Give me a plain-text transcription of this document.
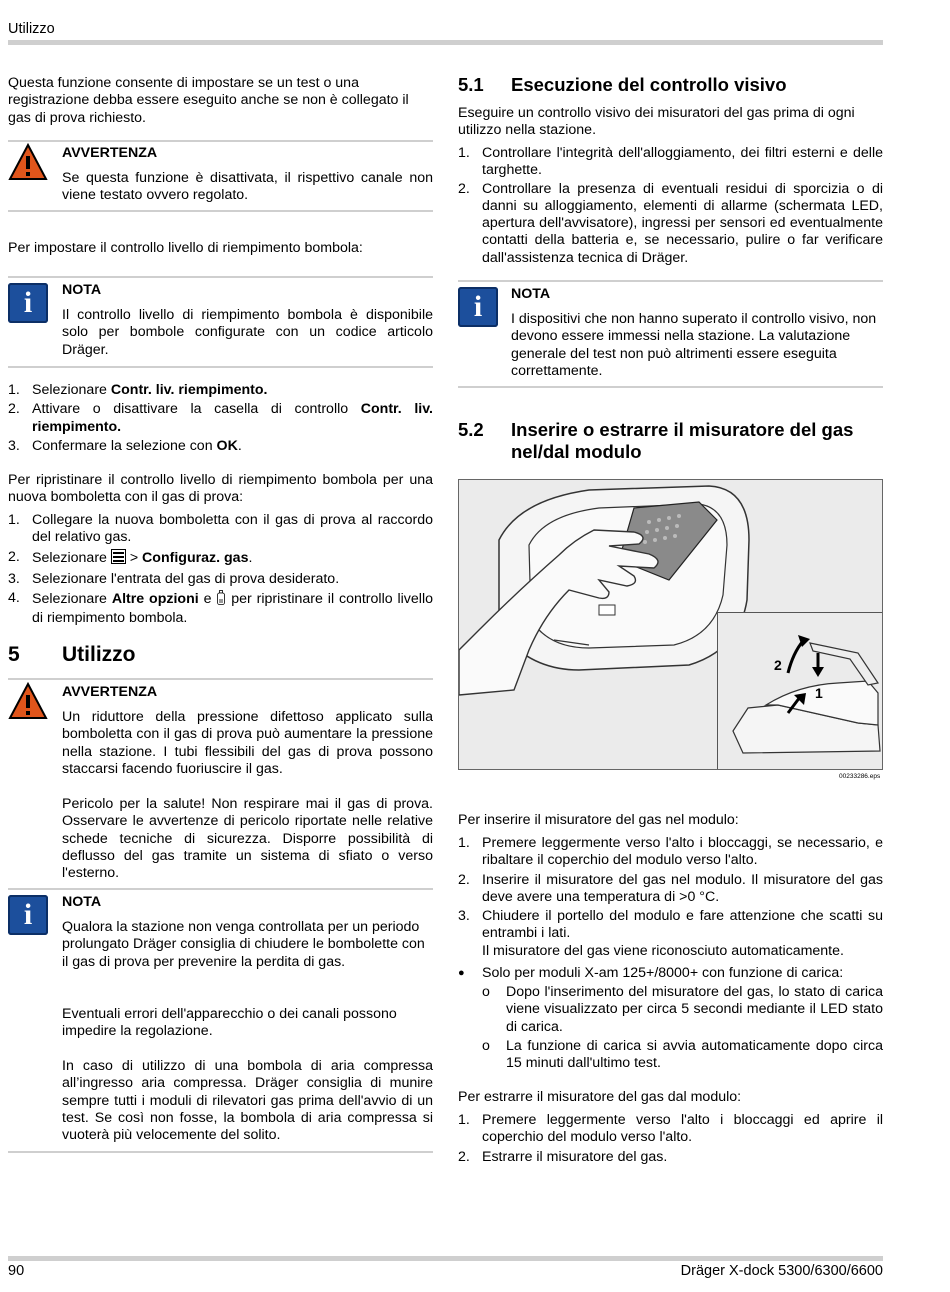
Utilizzo

Questa funzione consente di impostare se un test o una registrazione debba essere eseguito anche se non è collegato il gas di prova richiesto.

AVVERTENZA

Se questa funzione è disattivata, il rispettivo canale non viene testato ovvero regolato.

Per impostare il controllo livello di riempimento bombola:

i	NOTA

Il controllo livello di riempimento bombola è disponibile solo per bombole configurate con un codice articolo Dräger.

1. Selezionare Contr. liv. riempimento.
2. Attivare o disattivare la casella di controllo Contr. liv. riempimento.
3. Confermare la selezione con OK.

Per ripristinare il controllo livello di riempimento bombola per una nuova bomboletta con il gas di prova:

1. Collegare la nuova bomboletta con il gas di prova al raccordo del relativo gas.
2. Selezionare  > Configuraz. gas.
3. Selezionare l'entrata del gas di prova desiderato.
4. Selezionare Altre opzioni e  per ripristinare il controllo livello di riempimento bombola.
5 Utilizzo
AVVERTENZA

Un riduttore della pressione difettoso applicato sulla bomboletta con il gas di prova può aumentare la pressione nella stazione. I tubi flessibili del gas di prova possono staccarsi facendo fuoriuscire il gas.

Pericolo per la salute! Non respirare mai il gas di prova. Osservare le avvertenze di pericolo riportate nelle relative schede tecniche di sicurezza. Disporre possibilità di deflusso del gas tramite un sistema di sfiato o verso l'esterno.

i	NOTA

Qualora la stazione non venga controllata per un periodo prolungato Dräger consiglia di chiudere le bombolette con il gas di prova per prevenire la perdita di gas.

Eventuali errori dell'apparecchio o dei canali possono impedire la regolazione.

In caso di utilizzo di una bombola di aria compressa all’ingresso aria compressa. Dräger consiglia di munire sempre tutti i moduli di rilevatori gas prima dell'avvio di un test. Se così non fosse, la bombola di aria compressa si vuoterà più velocemente del solito.

5.1 Esecuzione del controllo visivo

Eseguire un controllo visivo dei misuratori del gas prima di ogni utilizzo nella stazione.

1. Controllare l'integrità dell'alloggiamento, dei filtri esterni e delle targhette.
2. Controllare la presenza di eventuali residui di sporcizia o di danni su alloggiamento, elementi di allarme (schermata LED, apertura dell'avvisatore), ingressi per sensori ed eventualmente contatti della batteria e, se necessario, pulire o far verificare dall'assistenza tecnica di Dräger.
i	NOTA

I dispositivi che non hanno superato il controllo visivo, non devono essere immessi nella stazione. La valutazione generale del test non può altrimenti essere eseguita correttamente.

5.2 Inserire o estrarre il misuratore del gas
nel/dal modulo
2
1
00233286.eps

Per inserire il misuratore del gas nel modulo:

1. Premere leggermente verso l'alto i bloccaggi, se necessario, e ribaltare il coperchio del modulo verso l'alto.
2. Inserire il misuratore del gas nel modulo. Il misuratore del gas deve avere una temperatura di >0 °C.
3. Chiudere il portello del modulo e fare attenzione che scatti su entrambi i lati.
Il misuratore del gas viene riconosciuto automaticamente.
● Solo per moduli X-am 125+/8000+ con funzione di carica:
o Dopo l'inserimento del misuratore del gas, lo stato di carica viene visualizzato per circa 5 secondi mediante il LED stato di carica.
o La funzione di carica si avvia automaticamente dopo circa 15 minuti dall'ultimo test.

Per estrarre il misuratore del gas dal modulo:

1. Premere leggermente verso l'alto i bloccaggi ed aprire il coperchio del modulo verso l'alto.
2. Estrarre il misuratore del gas.
90	Dräger X-dock 5300/6300/6600
